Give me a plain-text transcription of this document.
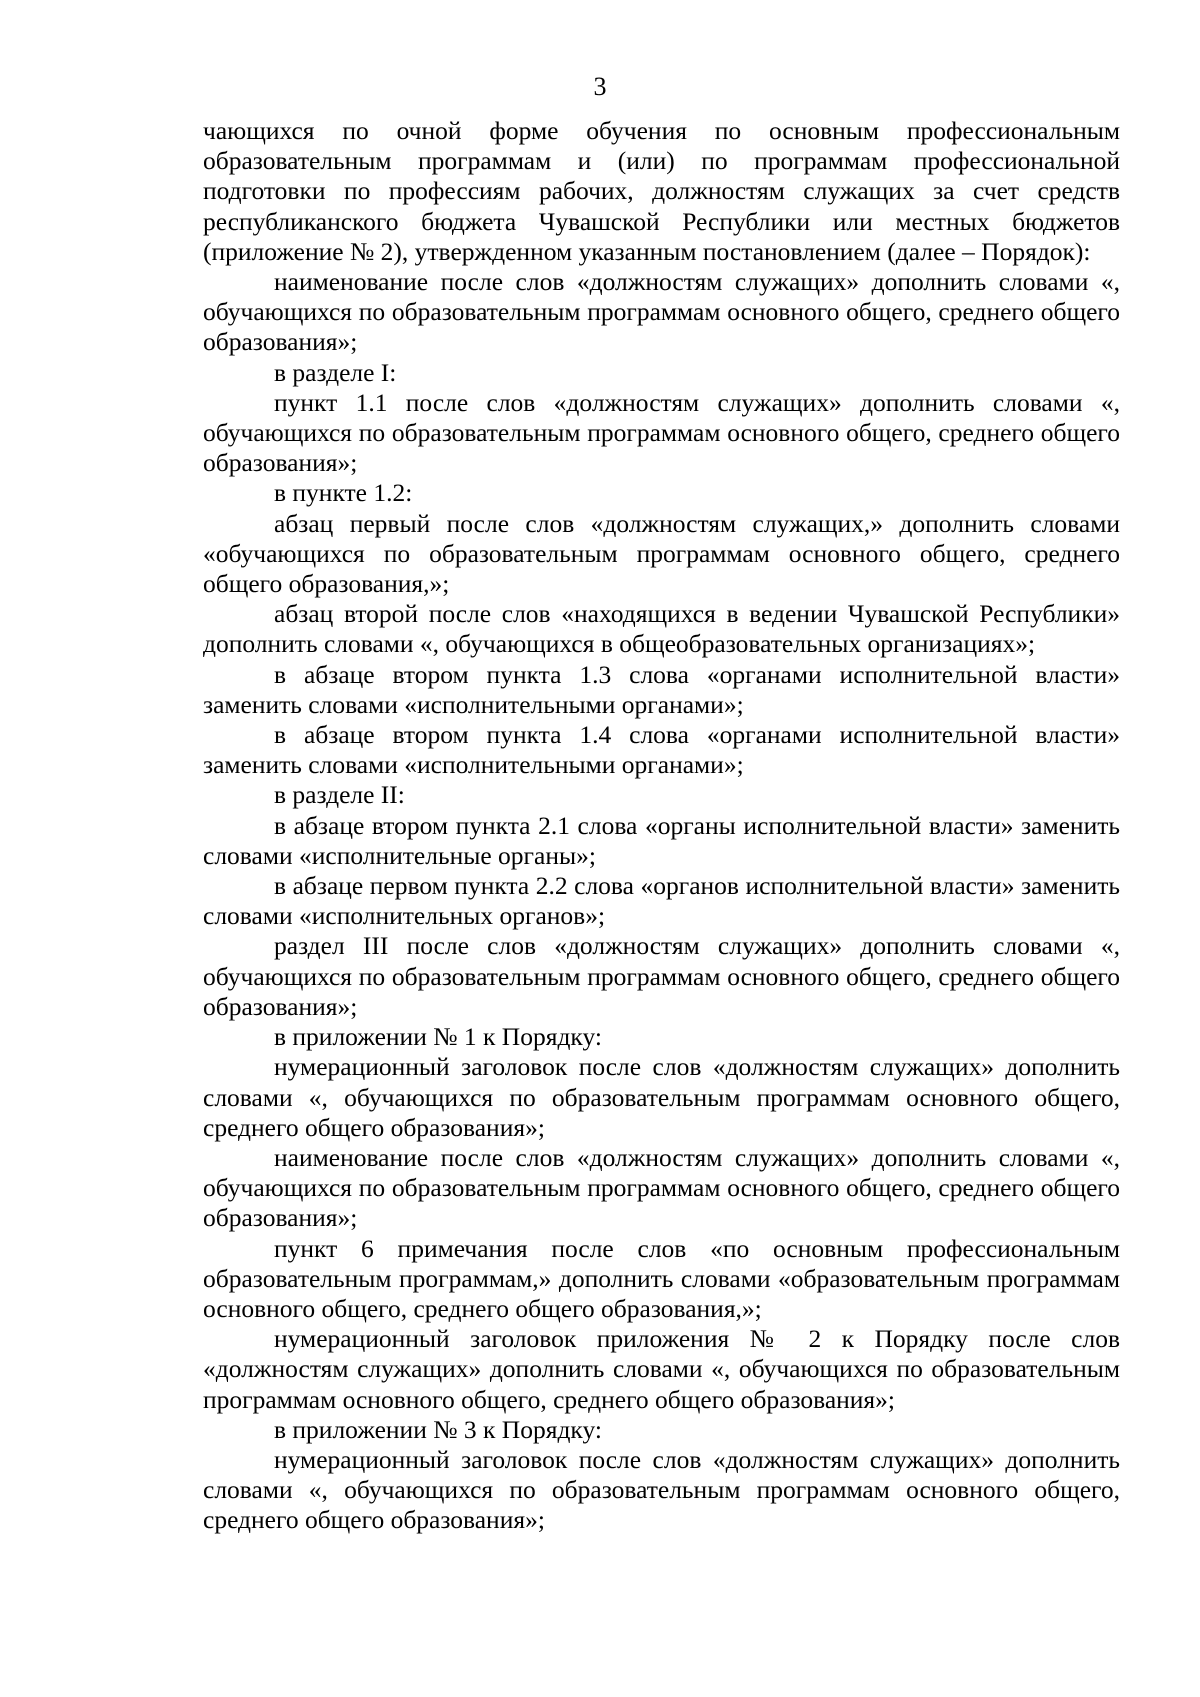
3

чающихся по очной форме обучения по основным профессиональным образовательным программам и (или) по программам профессиональной подготовки по профессиям рабочих, должностям служащих за счет средств республиканского бюджета Чувашской Республики или местных бюджетов (приложение № 2), утвержденном указанным постановлением (далее – Порядок):

наименование после слов «должностям служащих» дополнить словами «, обучающихся по образовательным программам основного общего, среднего общего образования»;

в разделе I:

пункт 1.1 после слов «должностям служащих» дополнить словами «, обучающихся по образовательным программам основного общего, среднего общего образования»;

в пункте 1.2:

абзац первый после слов «должностям служащих,» дополнить словами «обучающихся по образовательным программам основного общего, среднего общего образования,»;

абзац второй после слов «находящихся в ведении Чувашской Республики» дополнить словами «, обучающихся в общеобразовательных организациях»;

в абзаце втором пункта 1.3 слова «органами исполнительной власти» заменить словами «исполнительными органами»;

в абзаце втором пункта 1.4 слова «органами исполнительной власти» заменить словами «исполнительными органами»;

в разделе II:

в абзаце втором пункта 2.1 слова «органы исполнительной власти» заменить словами «исполнительные органы»;

в абзаце первом пункта 2.2 слова «органов исполнительной власти» заменить словами «исполнительных органов»;

раздел III после слов «должностям служащих» дополнить словами «, обучающихся по образовательным программам основного общего, среднего общего образования»;

в приложении № 1 к Порядку:

нумерационный заголовок после слов «должностям служащих» дополнить словами «, обучающихся по образовательным программам основного общего, среднего общего образования»;

наименование после слов «должностям служащих» дополнить словами «, обучающихся по образовательным программам основного общего, среднего общего образования»;

пункт 6 примечания после слов «по основным профессиональным образовательным программам,» дополнить словами «образовательным программам основного общего, среднего общего образования,»;

нумерационный заголовок приложения № 2 к Порядку после слов «должностям служащих» дополнить словами «, обучающихся по образовательным программам основного общего, среднего общего образования»;

в приложении № 3 к Порядку:

нумерационный заголовок после слов «должностям служащих» дополнить словами «, обучающихся по образовательным программам основного общего, среднего общего образования»;
